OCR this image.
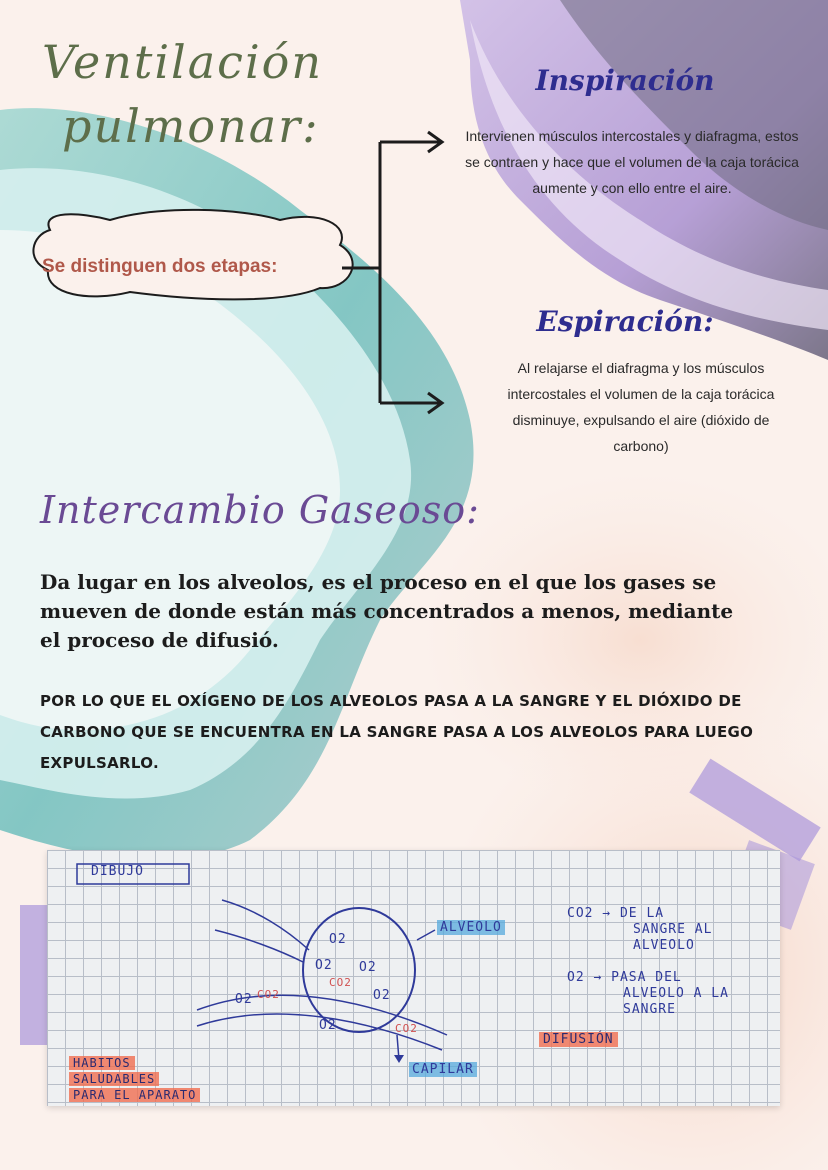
Ventilación
pulmonar:
Se distinguen dos etapas:
Inspiración
Intervienen músculos intercostales y diafragma, estos se contraen y hace que el volumen de la caja torácica aumente y con ello entre el aire.
Espiración:
Al relajarse el diafragma y los músculos intercostales el volumen de la caja torácica disminuye, expulsando el aire (dióxido de carbono)
Intercambio Gaseoso:
Da lugar en los alveolos, es el proceso en el que los gases se mueven de donde están más concentrados a menos, mediante el proceso de difusió.
POR LO QUE EL OXÍGENO DE LOS ALVEOLOS PASA A LA SANGRE Y EL DIÓXIDO DE CARBONO QUE SE ENCUENTRA EN LA SANGRE PASA A LOS ALVEOLOS PARA LUEGO EXPULSARLO.
DIBUJO
O2
O2 O2
O2
O2
O2
CO2
CO2
CO2
ALVEOLO
CAPILAR
CO2 → DE LA
SANGRE AL
ALVEOLO
O2 → PASA DEL
ALVEOLO A LA
SANGRE
DIFUSIÓN
HABITOS
SALUDABLES
PARA EL APARATO
